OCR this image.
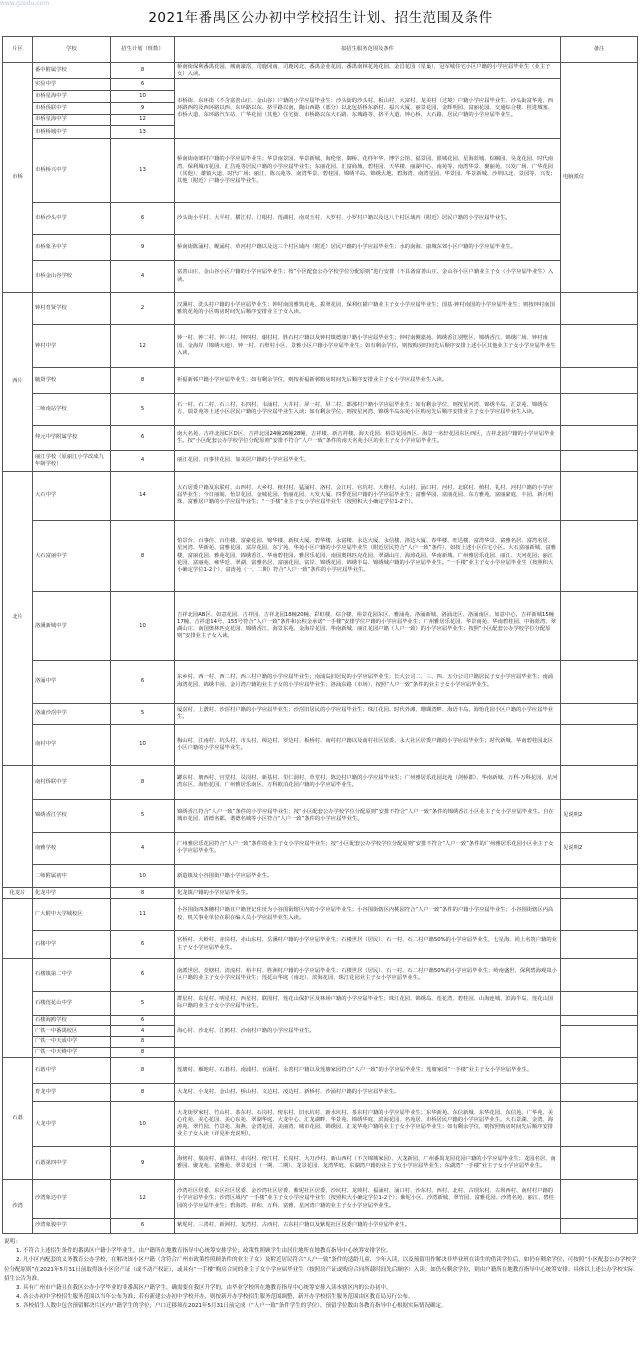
www.gzedu.com
2021年番禺区公办初中学校招生计划、招生范围及条件
片区	学校	招生计划（班数）	拟招生服务范围及条件	备注
市桥	番中附属学校	8	桥南街保利番禺花园、城南濠滘、司鹿冈南、司鹿冈北、番禺金业花园、番禺南林花苑花园、金昌花园（星巢），冠军城住宅小区户籍的小学应届毕业生（业主子女）入读。	电脑派位
	实验中学	6	市桥街、东环街（不含富善山庄、金山谷）户籍的小学应届毕业生；沙头街的沙头村、板山村、大富村、龙美村（过境）户籍小学应届毕业生、沙头街富华苑、西环路西的及西环路以西、东环路以东、挤平路以南、陶山西路（部分）以北包括桥东新村、福兴大厦、丽景花园、金辉明园、富丽花园、交通综合楼、桂进城塞、市桥大道、东环路汽车站、广华花园（其他）住宅街、市桥路以东大石路、东城路等、挤平大道、钟心桥、大石路，居民户籍的小学应届毕业生。	
	市桥星海中学	10		
	市桥侨联中学	9		
	市桥星海中学	12		
	市桥桥城中学	13		
	市桥桥兴中学	13	桥南街南郊村户籍的小学应届毕业生；华景南景园、华景新城、海伦堡、御桥、花样年华、博学公馆、福景园、银城花园、星海蓝城、棕榈园、昊龙花园、时代南湾、保利城市花园、汇昌苑等居民户籍的小学应届毕业生；东丽花园、汇富商城、碧桂园、天华楼、丽湖中心、南苑等、南湾华景、聚丽苑、兴发广场、广华花园（其他）、雄镇大道、时代广场；丽江、陈兴苑等、南湾华景、碧桂园、锦绣半岛、锦绣大地、碧海湾、南湾星园、华景园、华景新城、沙圳以北、景园等、兴发；其他（附近）户籍小学应届毕业生。	
	市桥沙头中学	6	沙头街小平村、大平村、横江村、汀根村、莲湖村、南双玉村、大罗村、小罗村户籍以及这八个村区域内（附近）居民户籍的小学应届毕业生。	
	市桥象圣中学	9	桥南街陈涌村、蚬涌村、草河村户籍以及这三个村区域内（附近）居民户籍的小学应届毕业生；水的南海、康城东郊小区户籍的小学应届毕业生。	
	市桥金山谷学校	4	富善山庄、金山谷小区户籍的小学应届毕业生；按“小区配套公办学校学位分配原则”进行安排（不具备富善山庄、金山谷小区户籍业主子女（小学应届毕业生）入读。	
西片	钟村育贤学校	2	汉溪村、洗头村户籍的小学应届毕业生；钟村南国雅筑花苑、拔翠花园、保利红猫户籍业主子女小学应届毕业生；国基·钟村南国的小学应届毕业生；则按钟村南国雅筑花苑的小区购房时间先后顺序安排业主子女入读。	
	钟村中学	12	钟一村、钟二村、钟三村、钟四村、谢村村、胜石村户籍以及钟村镇德康户籍小学应届毕业生；钟村南侧嘉苑、锦绣香江别墅区、锦绣香江、锦绣广场、钟村南国、金海岸（锦绣大地）、钟一村、石壁村小区、景雅小区户籍小学应届毕业生；如有剩余学位，则按购房时间先后顺序安排上述小区其他业主子女小学应届毕业生入读。	
	毓贤学校	8	祈福新邨户籍小学应届毕业生；如有剩余学位，则按祈福新邨购房时间先后顺序安排业主子女小学应届毕业生入读。	
	二师南站学校	5	石一村、石二村、石三村、石四村、韦涌村、大井村、屏一村、屏二村、都那村户籍小学应届毕业生；如有剩余学位，则按星河湾、锦绣半岛、汇景苑、锦绣东方、瑞景苑等上述小区居民户籍的小学应届毕业生入读；如有剩余学位，则按星河湾、锦绣半岛东苑小区购房先后顺序安排业主子女小学应届毕业生入读。	
	仲元中学附属学校	6	南大名苑、吉祥北园C区D区、吉祥北园24幢26幢28幢、吉祥楼、新吉祥楼、海天花园、裕景花园西区、海景一名轩花园东区西区，吉祥北园户籍的小学应届毕业生。按“小区配套公办学校学位分配原则”安排不符合“人户一致”条件的南天名苑小区的业主子女小学应届毕业生。	
	丽江学校（原丽江小学改成九年制学校）	4	丽江花园、百事佳花园、加美居户籍的小学应届毕业生。	
北片	大石中学	14	大石居委户籍及东联村、山西村、大乡村、植村村、猛涌村、洛村、会江村、官坑村、大维村、大山村、涌口村、河村、北联村、植村、礼村、河村户籍的小学应届毕业生；今日丽阁、怡景花园、金城花园、怡丽花园、大发大厦、四季花园户籍的小学应届毕业生；富雅华园、富丽花园、东方雅苑、富丽豪庭、丰园、新月明珠、富雅居户籍的小学应届毕业生；“一手楼”业主子女小学应届毕业生（按照积大小确定学位1-2个）。	
	大石富丽中学	8	怕景台、百事佳、百佳楼、富豪花园、锦华楼、新权大厦、碧华楼、永富楼、永达大厦、永信楼、洛达大厦、春华楼、旺达楼、富湾华景、富雅名居、富湾名居、星河湾、华新苑、富雅花园、富岸花园、东宁苑、华苑小区户籍的小学应届毕业生（附近居民符合“人户一致”条件），如按上述小区住宅小区。大石富丽新城、富雅楼、富丽花园、雅苑花园、锦绣香江、华南碧桂园、雅居乐花园、南国奥林匹克花园、翠湖山庄、海涛花园、华南新城、广州雅居乐花园、丽江、天河花园；丽江花园、富丽苑、雍华廷、翠湖、富雅名居、富丽花园、富岸、锦绣花园、锦绣半岛、锦绣城户籍的小学应届毕业生。“一手楼”业主子女小学应届毕业生（按照积大小确定学位1-2个）、富涛苑（一、二期）符合“人户一致”条件的小学应届毕业生。	
	洛溪新城中学	10	吉祥北园AB区、如意花园、吉祥园、吉祥北园18幢20幢、彩虹楼、综合楼、裕景花园东区、雅涌苑、洛涌新城、洛涌北区、洛涌南区、如意中心、吉祥新城15幢17幢、吉祥道14号、155号符合“人户一致”条件和公积金承诺“一手楼”安排学位户籍的小学应届毕业生；广州雅居乐花园、华景南苑、华南碧桂园、中海蓝湾、翠湖山庄、南国奥林匹克花园、锦绣香江、海景东苑、金海岸花园、华南新城、丽江花园户籍（人户一致）的小学应届毕业生；按照“小区配套公办学校学位分配原则”安排业主子女入读。	
	洛涌中学	6	东乡村、西一村、西二村、西三村户籍的小学应届毕业生；南浦岛旧居民的小学应届毕业生；长大公司二、三、四、五分公司户籍居民子女小学应届毕业生；南浦海湾花园、锦绣丰园、金月湾户籍的业主子女的小学应届毕业生；洛涌东路（市场），按照“人户一致”条件的业主子女小学应届毕业生。	
	洛浦沙滘中学	5	厦滘村、上漖村、沙滘村户籍的小学应届毕业生；沙滘旧居民的小学应届毕业生；珠江花园、时代外滩、珊瑚湾畔、海语丰岛、海怡花园小区户籍的小学应届毕业生。	
	南村中学	10	梅山村、江南村、坑头村、市头村、樟边村、罗边村、板桥村、南村村户籍以及南村社区居委、永大社区居委户籍的小学应届毕业生；时代新城、华南碧桂园北区小区户籍的小学应届毕业生。	
	南村侨联中学	8	罐东村、塘西村、官堂村、员岗村、新基村、里仁洞村、草堂村、陈边村户籍的小学应届毕业生；广州雅居乐花园北苑（剑桥郡）、华南新城、万科·万科花园、星河湾东区、海怡花园、广州雅居乐南区、万科欧泊花园户籍的小学应届毕业生。	
	锦绣香江学校	5	锦绣香江符合“人户一致”条件的小学应届毕业生；按“小区配套公办学校学位分配原则”安排不符合“人户一致”条件的锦绣香江小区业主子女小学应届毕业生。自在城市花园、清德名都、谐德名城等小区符合“人户一致”条件的小学应届毕业生。	见说明2
	南雅学校	4	广州雅居乐花园符合“人户一致”条件的业主子女小学应届毕业生；按“小区配套公办学校学位分配原则”安排不符合“人户一致”条件的广州雅居乐花园小区业主子女小学应届毕业生。	见说明2
	二师附属初中	10	新造镇及小谷围街户籍小学应届毕业生。	
化龙片	化龙中学	8	化龙镇户籍的小学应届毕业生。	
	广大附中大学城校区	11	小谷围街四条穗村户籍且户籍登记住址为小谷围街辖区内的小学应届毕业生；小谷围街辖区内桃园符合“人户一致”条件的户籍小学应届毕业生；小谷围街辖区内高校、机关事业单位在职在编人员小学应届毕业生入读。	
	石楼中学	6	官桥村、大岭村、赤岗村、赤山东村、岳溪村户籍的小学应届毕业生；石楼世居（居民）、石一村、石二村户籍50%的小学应届毕业生，七星海、尚上名筑户籍的业主子女小学应届毕业生。	
	石楼镇第二中学	6	南派世居、茭塘村、清流村、裕丰村、胜洲村户籍的小学应届毕业生；石楼世居（居民）、石一村、石二村户籍50%的小学应届毕业生；岭南盛世、保利碧海观岚小区户籍的业主子女小学应届毕业生；莲花山华庭（南北）、滨海花园、珠江花园业主子女小学应届毕业生。	
	石楼莲花山中学	5	群星村、东星村、明星村、西星村、联围村、莲花山保护区及林场户籍的小学应届毕业生；珠江花园、锦绣岛、莲花湾、碧桂园、山海连城、滨海半岛、莲花山国际户籍的业主子女小学应届毕业生。	
	石楼海鸥学校	6	海心村、沙北村、江鸥村、沙南村户籍的小学应届毕业生。	
	广铁一中番禺校区	4		
	广铁一中天成中学	8		
	广铁一中天峰中学	8		
石碁	石碁中学	8	莲塘村、雁地村、石碁村、南浦村、官涌村、永善村户籍以及莲塘家园符合“人户一致”的小学应届毕业生；莲塘家园“一手楼”业主子女小学应届毕业生。	
	育龙中学	8	大龙村、小龙村、金山村、桥山村、文边村、凌边村、新桥村、沙涌村户籍的小学应届毕业生。	
	大龙中学	10	大龙街罗家村、竹山村、茶东村、石岗村、傍东村、旧水坑村、新水坑村、茶东村户籍的小学应届毕业生；东华新苑、东信新城、东华花园、东信苑、广华苑、美心花苑、美心花园、美心东苑、翠湖华庭、大龙中心、汇龙湖畔、华景苑、锦绣华庭、滨海花园、名苑居、市桥居民户籍的小学应届毕业生。大石景湖、金湾、海涛苑、翠竹园、竹景苑、海燕、金湾花园、美丽湾、城市花园、锦绣园、汇龙华苑户籍的业主子女小学应届毕业生；如有剩余学位，则按照购房时间先后顺序安排业主子女入读（详见补充说明）。	
	石碁第四中学	9	海傍村、凰凌村、前锋村、赤岗村、傍江村、长岗村、大刀沙村、新山西村（不含锦城家园）、大龙新园、广州番禺龙园花园户籍的小学应届毕业生；龙园名居、南雅园、聚龙苑、富雅苑、翠景花园（一期、二期）、龙景花园、龙湾华庭、东湖湾户籍的业主子女小学应届毕业生；东湖湾“一手楼”业主子女小学应届毕业生。	
沙湾	沙湾象达中学	12	沙湾社区居委、东区社区居委、金沙湾社区居委、紫坭社区居委、沙坑村、龙岐村、福涌村、涌口村、沙东村、西村、北村、古坝东村、古坝西村、南村村户籍的小学应届毕业生；沙湾区域内“一手楼”业主子女小学应届毕业生（按照积大小确定学位1-2个）；紫坭小区、沙湾新城、翠竹园、富雅花园、沙湾名苑、丽江、碧桂园的小学应届毕业生；碧海湾、祥和、万科、富雅、星河湾户籍的业主子女小学应届毕业生。	
	沙湾象骏中学	6	紫坭村、三善村、新洲村、龙湾村、古西村、古东村户籍以及紫坭社区居委户籍的小学应届毕业生。	
说明：
1. 不符合上述招生条件的番禺区户籍小学毕业生，由户籍所在地教育指导中心统筹安排学位；政策性照顾学生由居住地所在地教育指导中心统筹安排学位。
2. 凡小区内配套的义务教育公办学校，在解决该小区户籍（含符合广州市政策性照顾条件的业主子女）及附近居民符合“人户一致”条件的适龄儿童、少年入读，以及预留用作解决非毕业班在读生的借读学位后，如仍有剩余学位，可按照“小区配套公办学校学位分配原则”在2021年5月31日前取得该小区房产证（或不动产权证），或具有“一手楼”购房合同的业主子女小学应届毕业生（按照房产证或购房合同所载时间先后顺序）入读；如仍有剩余学位，则由户籍所在地教育指导中心统筹安排；具体以上述公办学校实际招生公告为准。
3. 具有广州市户籍且在我区公办小学毕业的非番禺区户籍学生，确需要在我区升学的，由毕业学校所在地教育指导中心统筹安排入读本辖区内的公办初中。
4. 各公办初中学校招生服务范围以当年公布为准；若有新建公办初中学校开办，则按新开办学校招生服务范围调整，新开办学校招生服务范围由区教育局另行公布。
5. 各校招生人数中包含预留解决片区内户籍学生的学位；户口迁移须在2021年5月31日前完成（“人户一致”条件学生的学位），预留学位数由各教育指导中心根据实际情况确定。
